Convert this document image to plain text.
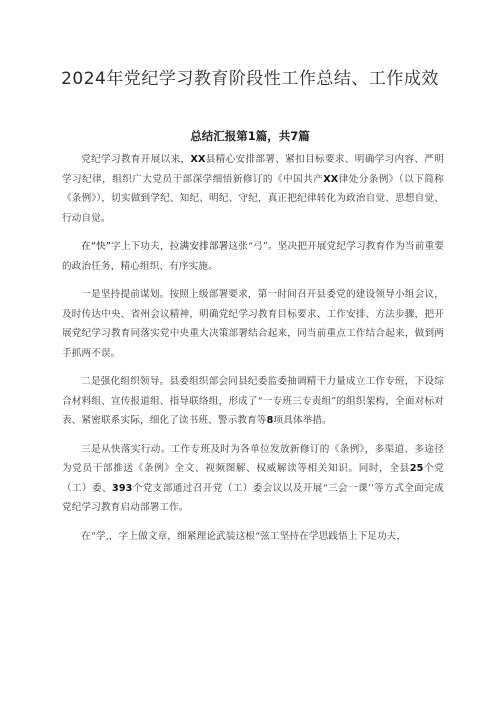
2024年党纪学习教育阶段性工作总结、工作成效
总结汇报第1篇，共7篇

党纪学习教育开展以来，XX县精心安排部署、紧扣目标要求、明确学习内容、严明学习纪律，组织广大党员干部深学细悟新修订的《中国共产XX律处分条例》（以下简称《条例》），切实做到学纪、知纪、明纪、守纪，真正把纪律转化为政治自觉、思想自觉、行动自觉。

在“快”字上下功夫，拉满安排部署这张“弓”。坚决把开展党纪学习教育作为当前重要的政治任务，精心组织、有序实施。

一是坚持提前谋划。按照上级部署要求，第一时间召开县委党的建设领导小组会议，及时传达中央、省州会议精神，明确党纪学习教育目标要求、工作安排、方法步骤，把开展党纪学习教育同落实党中央重大决策部署结合起来，同当前重点工作结合起来，做到两手抓两不误。

二是强化组织领导。县委组织部会同县纪委监委抽调精干力量成立工作专班，下设综合材料组、宣传报道组、指导联络组，形成了“一专班三专责组”的组织架构，全面对标对表、紧密联系实际，细化了读书班、警示教育等8项具体举措。

三是从快落实行动。工作专班及时为各单位发放新修订的《条例》，多渠道、多途径为党员干部推送《条例》全文、视频图解、权威解读等相关知识。同时，全县25个党（工）委、393个党支部通过召开党（工）委会议以及开展“三会一课’'等方式全面完成党纪学习教育启动部署工作。

在“学,，字上做文章，细紧理论武装这根“弦工坚持在学思践悟上下足功夫，
